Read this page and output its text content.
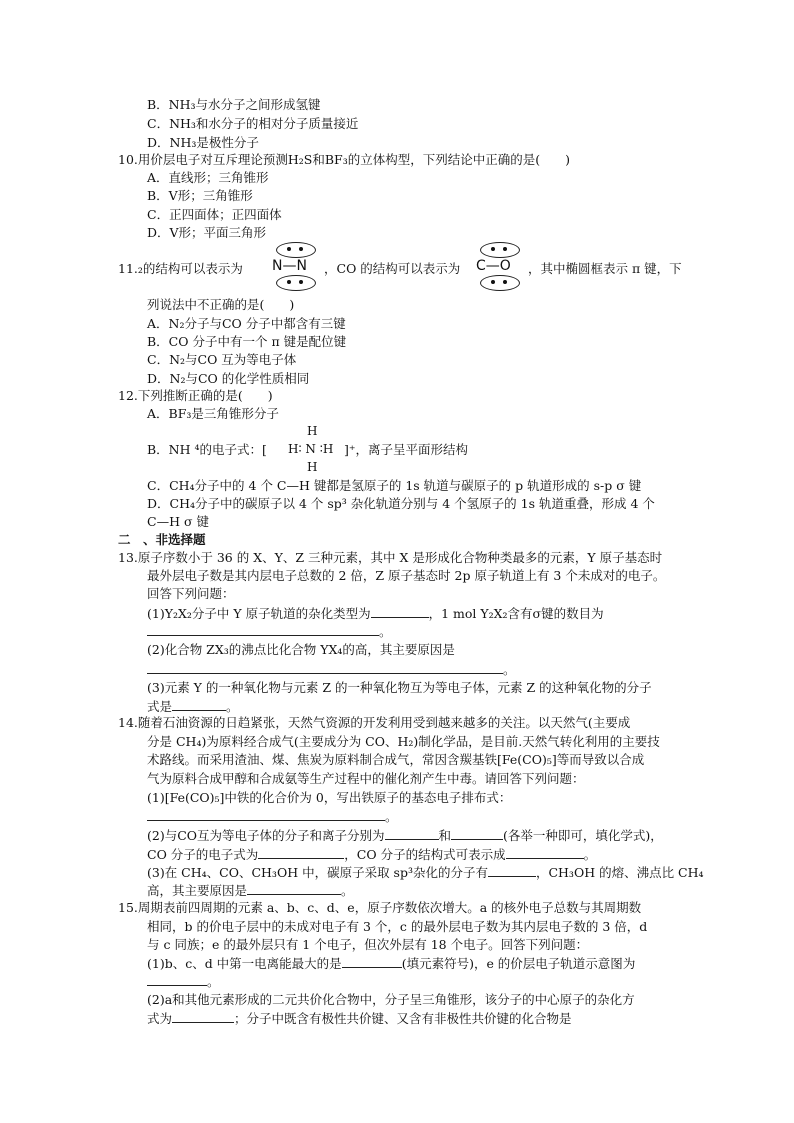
B．NH₃与水分子之间形成氢键
C．NH₃和水分子的相对分子质量接近
D．NH₃是极性分子
10.用价层电子对互斥理论预测H₂S和BF₃的立体构型，下列结论中正确的是(　　)
A．直线形；三角锥形
B．V形；三角锥形
C．正四面体；正四面体
D．V形；平面三角形
11.₂的结构可以表示为 N—N ，CO 的结构可以表示为 C—O ，其中椭圆框表示 π 键，下
列说法中不正确的是(　　)
A．N₂分子与CO 分子中都含有三键
B．CO 分子中有一个 π 键是配位键
C．N₂与CO 互为等电子体
D．N₂与CO 的化学性质相同
12.下列推断正确的是(　　)
A．BF₃是三角锥形分子
B．NH ⁴的电子式：[
H
H∶ N ∶H
H
]⁺，离子呈平面形结构
C．CH₄分子中的 4 个 C—H 键都是氢原子的 1s 轨道与碳原子的 p 轨道形成的 s-p σ 键
D．CH₄分子中的碳原子以 4 个 sp³ 杂化轨道分别与 4 个氢原子的 1s 轨道重叠，形成 4 个
C—H σ 键
二　、非选择题
13.原子序数小于 36 的 X、Y、Z 三种元素，其中 X 是形成化合物种类最多的元素，Y 原子基态时
最外层电子数是其内层电子总数的 2 倍，Z 原子基态时 2p 原子轨道上有 3 个未成对的电子。
回答下列问题：
(1)Y₂X₂分子中 Y 原子轨道的杂化类型为	，1 mol Y₂X₂含有σ键的数目为
。
(2)化合物 ZX₃的沸点比化合物 YX₄的高，其主要原因是
。
(3)元素 Y 的一种氧化物与元素 Z 的一种氧化物互为等电子体，元素 Z 的这种氧化物的分子
式是	。
14.随着石油资源的日趋紧张，天然气资源的开发利用受到越来越多的关注。以天然气(主要成
分是 CH₄)为原料经合成气(主要成分为 CO、H₂)制化学品，是目前.天然气转化利用的主要技
术路线。而采用渣油、煤、焦炭为原料制合成气，常因含羰基铁[Fe(CO)₅]等而导致以合成
气为原料合成甲醇和合成氨等生产过程中的催化剂产生中毒。请回答下列问题：
(1)[Fe(CO)₅]中铁的化合价为 0，写出铁原子的基态电子排布式：
。
(2)与CO互为等电子体的分子和离子分别为	和	(各举一种即可，填化学式)，
CO 分子的电子式为	，CO 分子的结构式可表示成	。
(3)在 CH₄、CO、CH₃OH 中，碳原子采取 sp³杂化的分子有	，CH₃OH 的熔、沸点比 CH₄
高，其主要原因是	。
15.周期表前四周期的元素 a、b、c、d、e，原子序数依次增大。a 的核外电子总数与其周期数
相同，b 的价电子层中的未成对电子有 3 个，c 的最外层电子数为其内层电子数的 3 倍，d
与 c 同族；e 的最外层只有 1 个电子，但次外层有 18 个电子。回答下列问题：
(1)b、c、d 中第一电离能最大的是	(填元素符号)，e 的价层电子轨道示意图为
。
(2)a和其他元素形成的二元共价化合物中，分子呈三角锥形，该分子的中心原子的杂化方
式为	；分子中既含有极性共价键、又含有非极性共价键的化合物是
